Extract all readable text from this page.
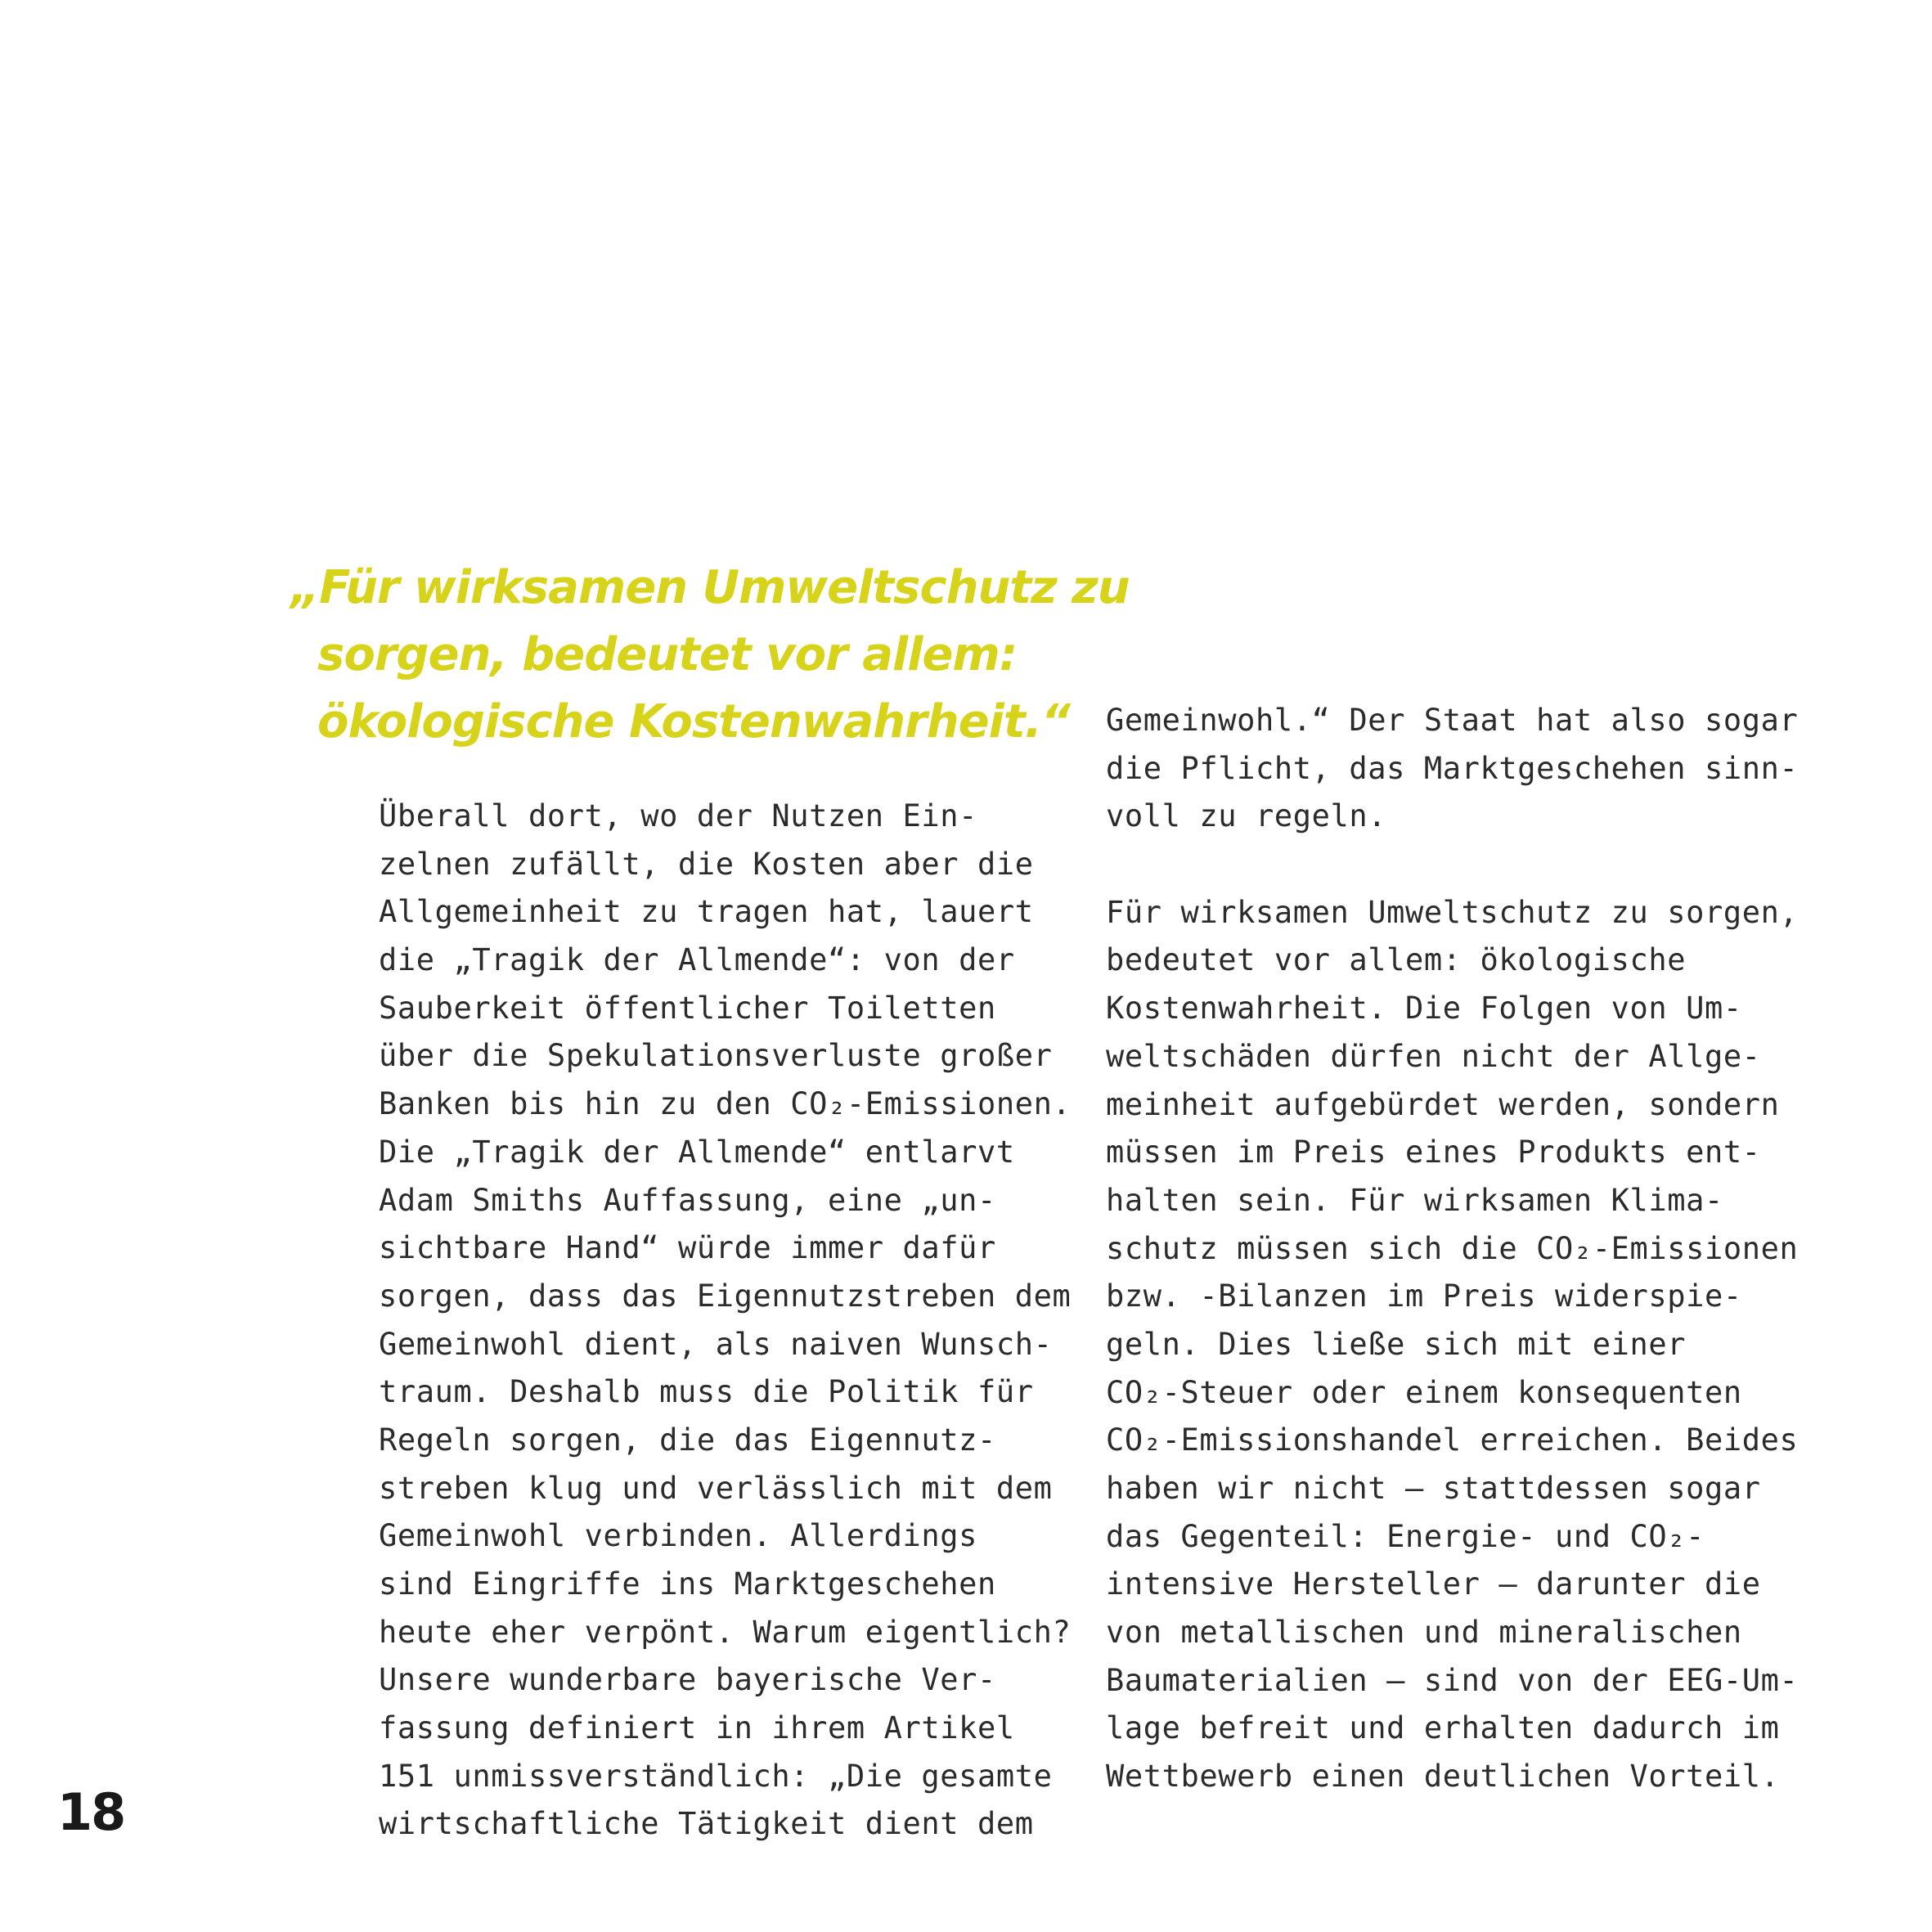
„Für wirksamen Umweltschutz zu
sorgen, bedeutet vor allem:
ökologische Kostenwahrheit.“
Überall dort, wo der Nutzen Ein-
zelnen zufällt, die Kosten aber die
Allgemeinheit zu tragen hat, lauert
die „Tragik der Allmende“: von der
Sauberkeit öffentlicher Toiletten
über die Spekulationsverluste großer
Banken bis hin zu den CO₂-Emissionen.
Die „Tragik der Allmende“ entlarvt
Adam Smiths Auffassung, eine „un-
sichtbare Hand“ würde immer dafür
sorgen, dass das Eigennutzstreben dem
Gemeinwohl dient, als naiven Wunsch-
traum. Deshalb muss die Politik für
Regeln sorgen, die das Eigennutz-
streben klug und verlässlich mit dem
Gemeinwohl verbinden. Allerdings
sind Eingriffe ins Marktgeschehen
heute eher verpönt. Warum eigentlich?
Unsere wunderbare bayerische Ver-
fassung definiert in ihrem Artikel
151 unmissverständlich: „Die gesamte
wirtschaftliche Tätigkeit dient dem
Gemeinwohl.“ Der Staat hat also sogar
die Pflicht, das Marktgeschehen sinn-
voll zu regeln.
Für wirksamen Umweltschutz zu sorgen,
bedeutet vor allem: ökologische
Kostenwahrheit. Die Folgen von Um-
weltschäden dürfen nicht der Allge-
meinheit aufgebürdet werden, sondern
müssen im Preis eines Produkts ent-
halten sein. Für wirksamen Klima-
schutz müssen sich die CO₂-Emissionen
bzw. -Bilanzen im Preis widerspie-
geln. Dies ließe sich mit einer
CO₂-Steuer oder einem konsequenten
CO₂-Emissionshandel erreichen. Beides
haben wir nicht – stattdessen sogar
das Gegenteil: Energie- und CO₂-
intensive Hersteller – darunter die
von metallischen und mineralischen
Baumaterialien – sind von der EEG-Um-
lage befreit und erhalten dadurch im
Wettbewerb einen deutlichen Vorteil.
18
